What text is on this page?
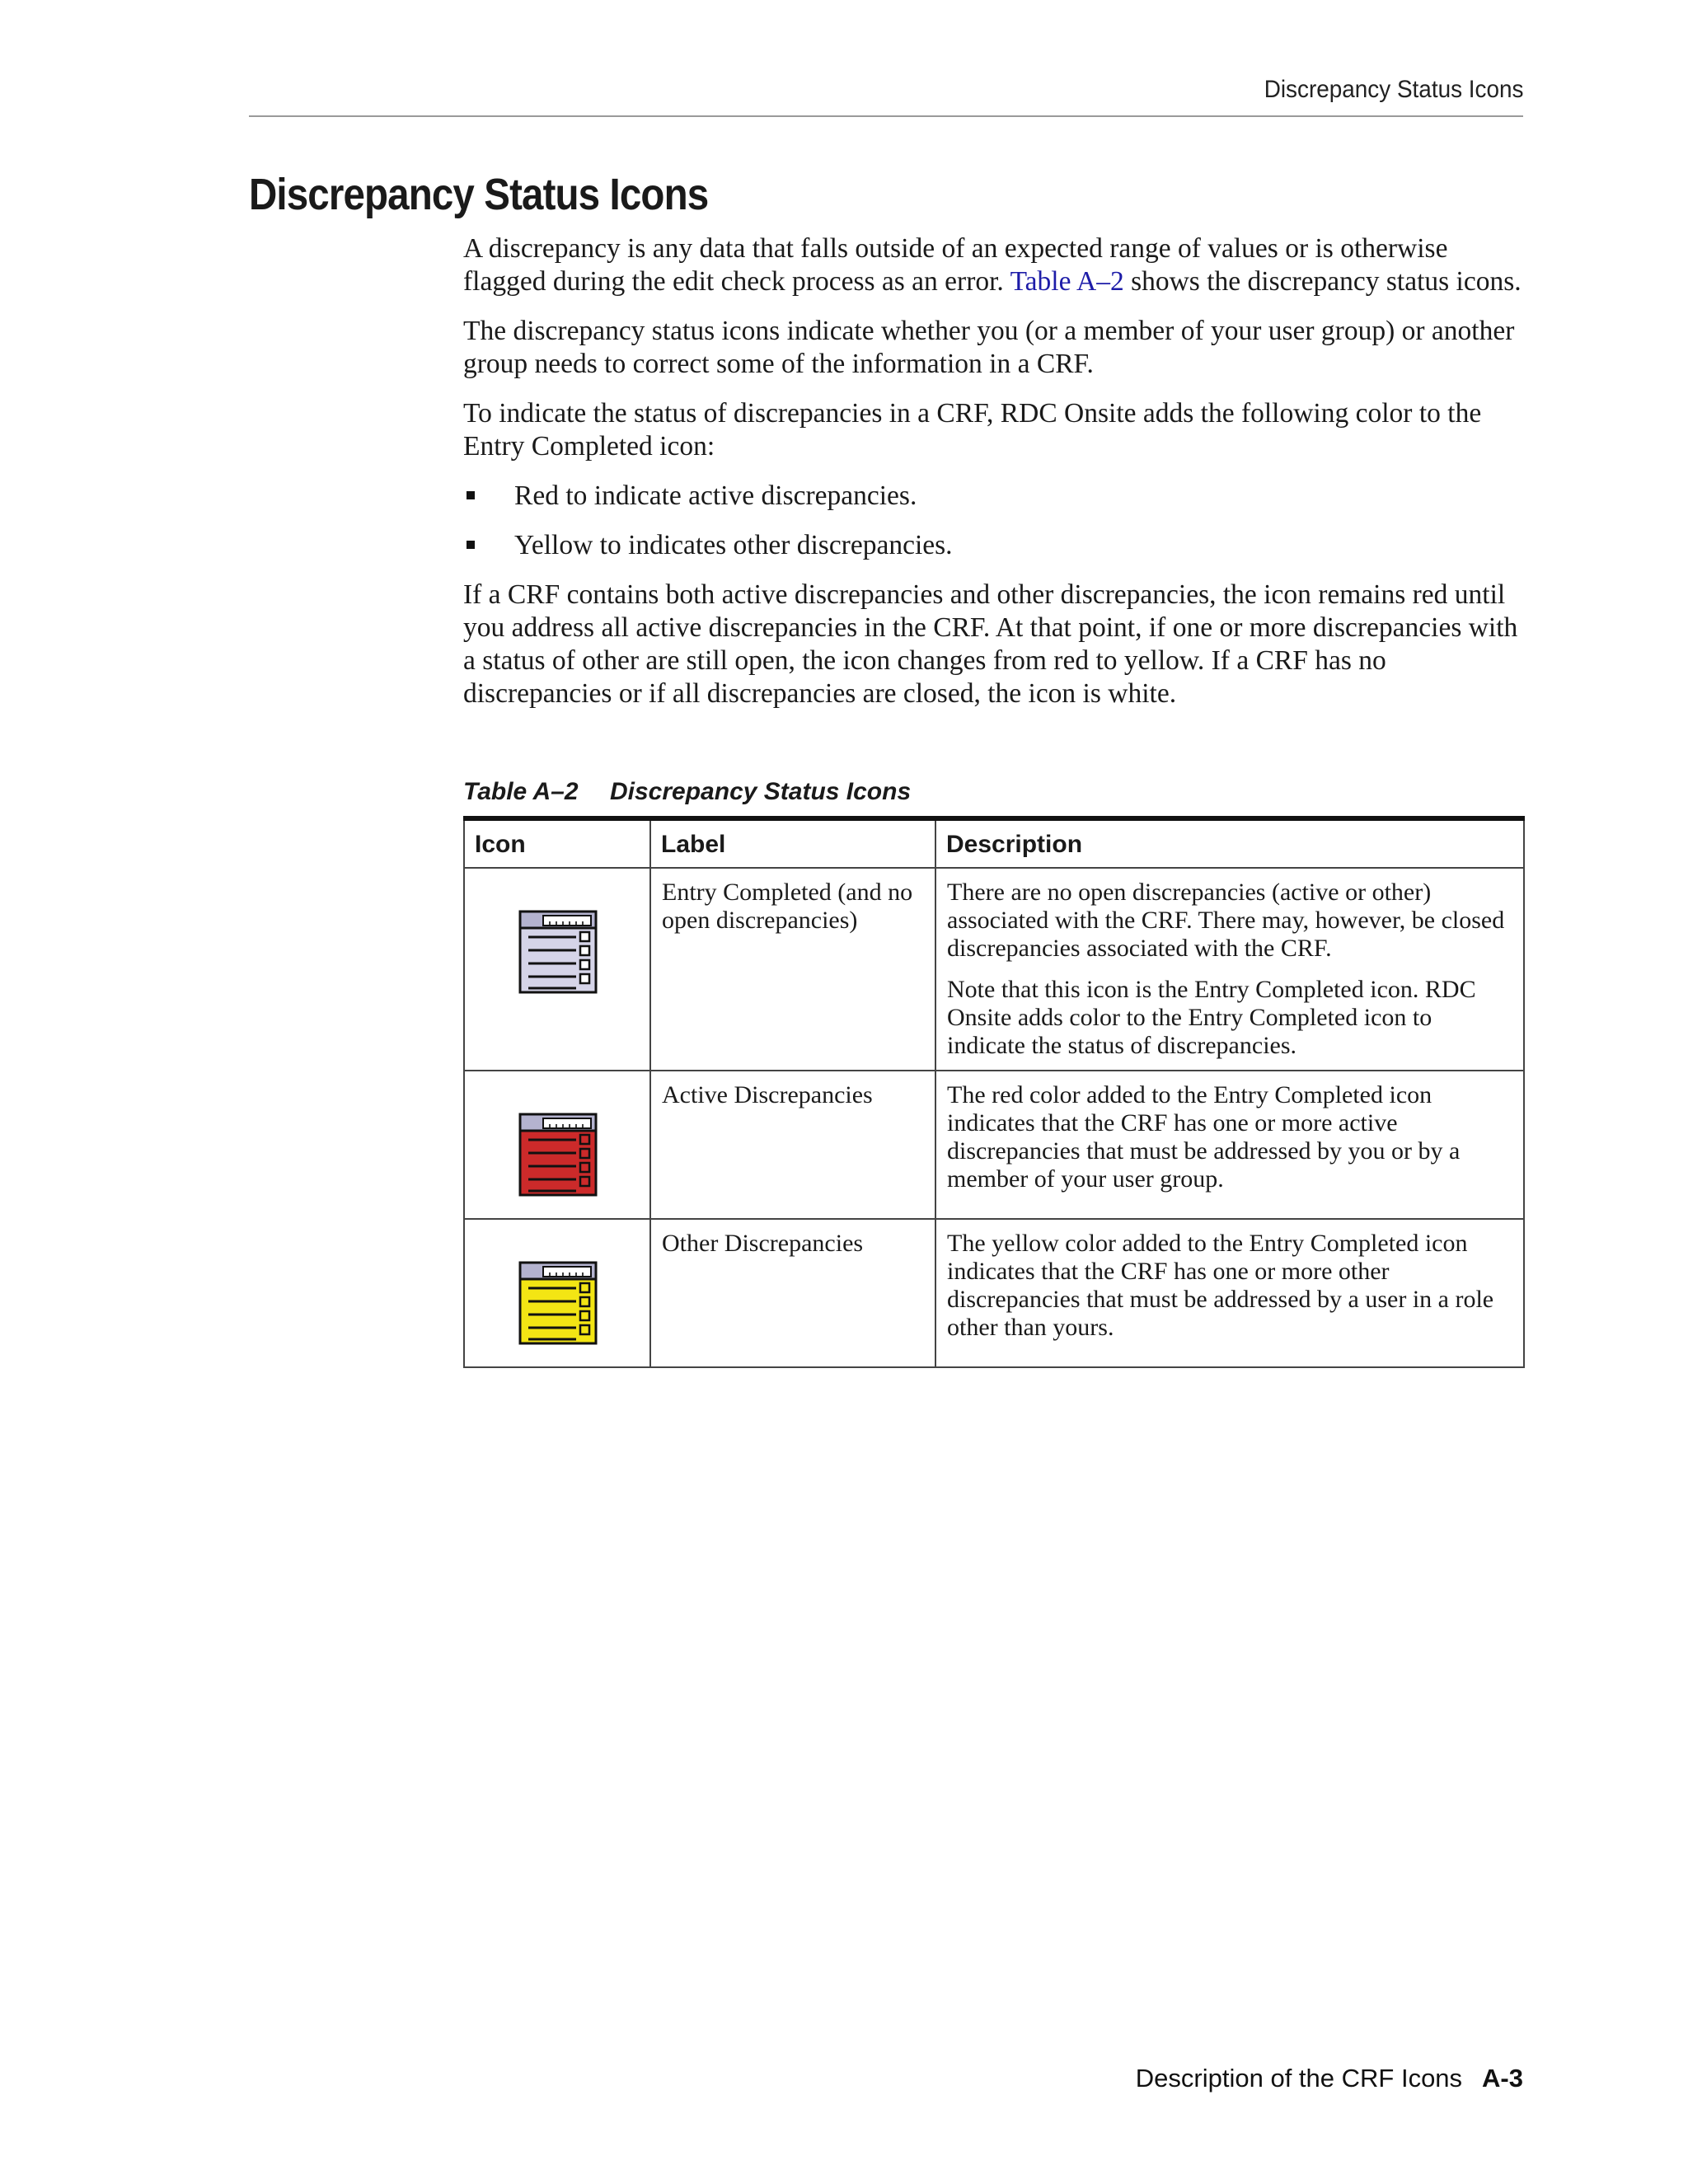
Discrepancy Status Icons
Discrepancy Status Icons

A discrepancy is any data that falls outside of an expected range of values or is otherwise flagged during the edit check process as an error. Table A–2 shows the discrepancy status icons.

The discrepancy status icons indicate whether you (or a member of your user group) or another group needs to correct some of the information in a CRF.

To indicate the status of discrepancies in a CRF, RDC Onsite adds the following color to the Entry Completed icon:

Red to indicate active discrepancies.
Yellow to indicates other discrepancies.

If a CRF contains both active discrepancies and other discrepancies, the icon remains red until you address all active discrepancies in the CRF. At that point, if one or more discrepancies with a status of other are still open, the icon changes from red to yellow. If a CRF has no discrepancies or if all discrepancies are closed, the icon is white.

Table A–2 Discrepancy Status Icons
Icon	Label	Description

	Entry Completed (and no open discrepancies)	There are no open discrepancies (active or other) associated with the CRF. There may, however, be closed discrepancies associated with the CRF.

Note that this icon is the Entry Completed icon. RDC Onsite adds color to the Entry Completed icon to indicate the status of discrepancies.

	Active Discrepancies	The red color added to the Entry Completed icon indicates that the CRF has one or more active discrepancies that must be addressed by you or by a member of your user group.

	Other Discrepancies	The yellow color added to the Entry Completed icon indicates that the CRF has one or more other discrepancies that must be addressed by a user in a role other than yours.

Description of the CRF Icons A-3
